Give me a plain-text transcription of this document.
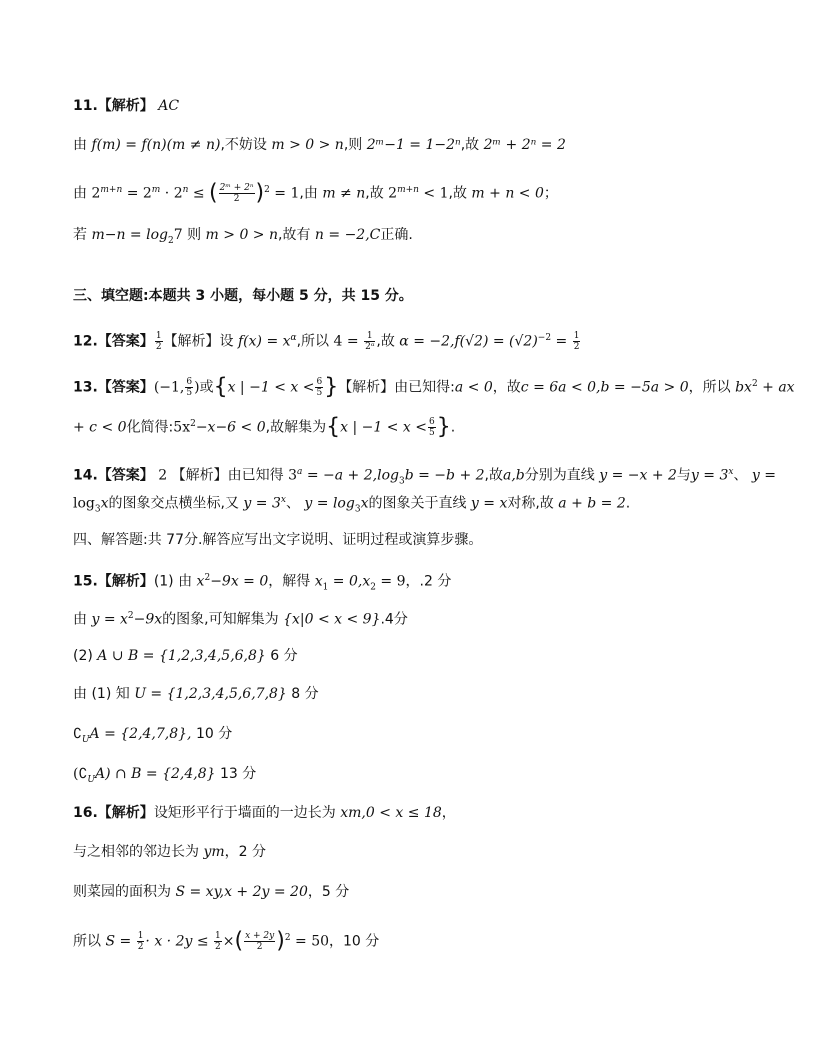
11.【解析】 AC
由 f(m) = f(n)(m ≠ n),不妨设 m > 0 > n,则 2ᵐ−1 = 1−2ⁿ,故 2ᵐ + 2ⁿ = 2
由 $2^{m+n} = 2^m \cdot 2^n$ ≤ ( $\frac{\text{2ᵐ + 2ⁿ}}{2} )^2 = 1$,由 m ≠ n,故 $2^{m+n} < 1$,故 m + n < 0；
若 $m-n = \log_27$ 则 m > 0 > n,故有 n = −2,C正确.
三、填空题:本题共 3 小题，每小题 5 分，共 15 分。
12.【答案】 $\frac{1}{2}$ 【解析】设 $f(x) = x^\alpha$,所以 $4 = \frac{1}{\text{2ᵅ}}$ ,故 $\alpha = -2,f(√2) = (√2)^{-2} = \frac{1}{2}$
13.【答案】(−1, $\frac{6}{5}$ )或{x | $-1 < x < \frac{6}{5}$ }【解析】由已知得:a < 0，故c = 6a < 0,b = −5a > 0，所以 $bx^2$ + ax
+ c < 0化简得$:5x^2-x-6 < 0$,故解集为{x | $-1 < x < \frac{6}{5}$ }.
14.【答案】 2 【解析】由已知得 $3^a = -a + 2,\log_3b = -b + 2$,故a,b分别为直线 y = −x + 2与$y = 3^x$、 y =
$\log_3x$的图象交点横坐标,又 $y = 3^x$、 $y = \log_3x$的图象关于直线 y = x对称,故 a + b = 2.
四、解答题:共 77分.解答应写出文字说明、证明过程或演算步骤。
15.【解析】(1) 由 $x^2-9x = 0$，解得 $x_1 = 0,x_2 = 9$，.2 分
由 $y = x^2-9x$的图象,可知解集为 {x|0 < x < 9}.4分
(2) A ∪ B = {1,2,3,4,5,6,8} 6 分
由 (1) 知 U = {1,2,3,4,5,6,7,8} 8 分
$∁_UA = \{2,4,7,8\}$, 10 分
$(∁_UA)$ ∩ B = {2,4,8} 13 分
16.【解析】设矩形平行于墙面的一边长为 xm,0 < x ≤ 18，
与之相邻的邻边长为 ym，2 分
则菜园的面积为 S = xy,x + 2y = 20，5 分
所以 $S = \frac{1}{2} \cdot x \cdot 2y \le \frac{1}{2}$ ×( $\frac{x + 2y}{2} )^2 = 50$，10 分
